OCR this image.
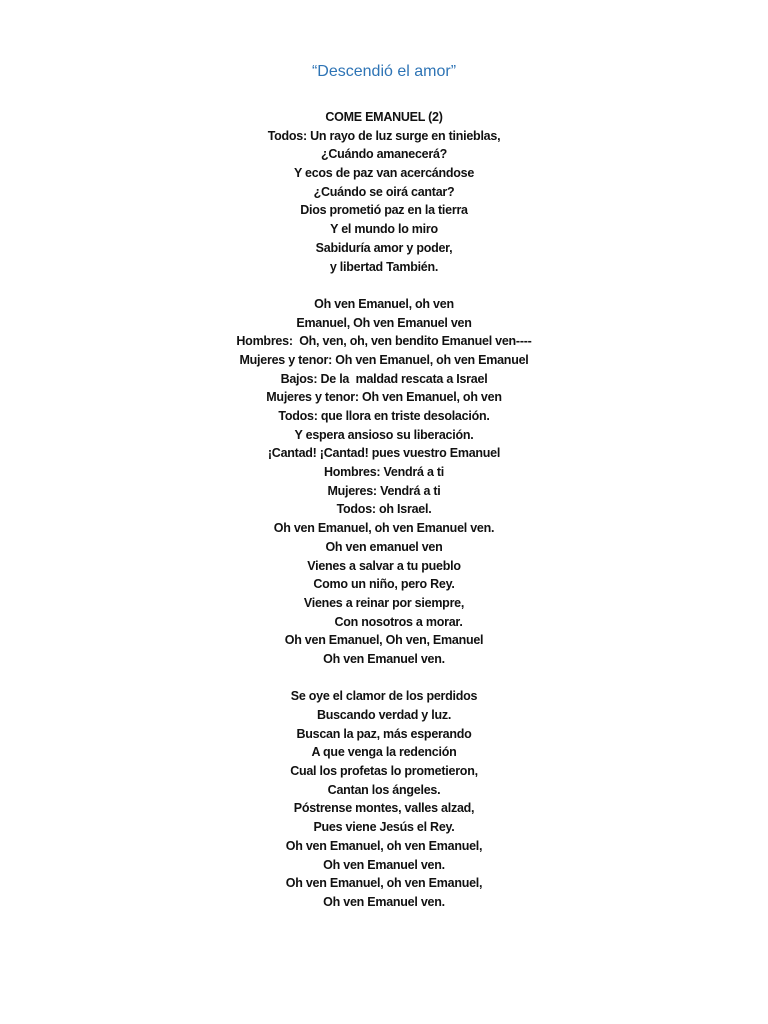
“Descendió el amor”
COME EMANUEL (2)
Todos: Un rayo de luz surge en tinieblas,
¿Cuándo amanecerá?
Y ecos de paz van acercándose
¿Cuándo se oirá cantar?
Dios prometió paz en la tierra
Y el mundo lo miro
Sabiduría amor y poder,
y libertad También.
Oh ven Emanuel, oh ven
Emanuel, Oh ven Emanuel ven
Hombres:  Oh, ven, oh, ven bendito Emanuel ven----
Mujeres y tenor: Oh ven Emanuel, oh ven Emanuel
Bajos: De la  maldad rescata a Israel
Mujeres y tenor: Oh ven Emanuel, oh ven
Todos: que llora en triste desolación.
Y espera ansioso su liberación.
¡Cantad! ¡Cantad! pues vuestro Emanuel
Hombres: Vendrá a ti
Mujeres: Vendrá a ti
Todos: oh Israel.
Oh ven Emanuel, oh ven Emanuel ven.
Oh ven emanuel ven
Vienes a salvar a tu pueblo
Como un niño, pero Rey.
Vienes a reinar por siempre,
Con nosotros a morar.
Oh ven Emanuel, Oh ven, Emanuel
Oh ven Emanuel ven.
Se oye el clamor de los perdidos
Buscando verdad y luz.
Buscan la paz, más esperando
A que venga la redención
Cual los profetas lo prometieron,
Cantan los ángeles.
Póstrense montes, valles alzad,
Pues viene Jesús el Rey.
Oh ven Emanuel, oh ven Emanuel,
Oh ven Emanuel ven.
Oh ven Emanuel, oh ven Emanuel,
Oh ven Emanuel ven.
